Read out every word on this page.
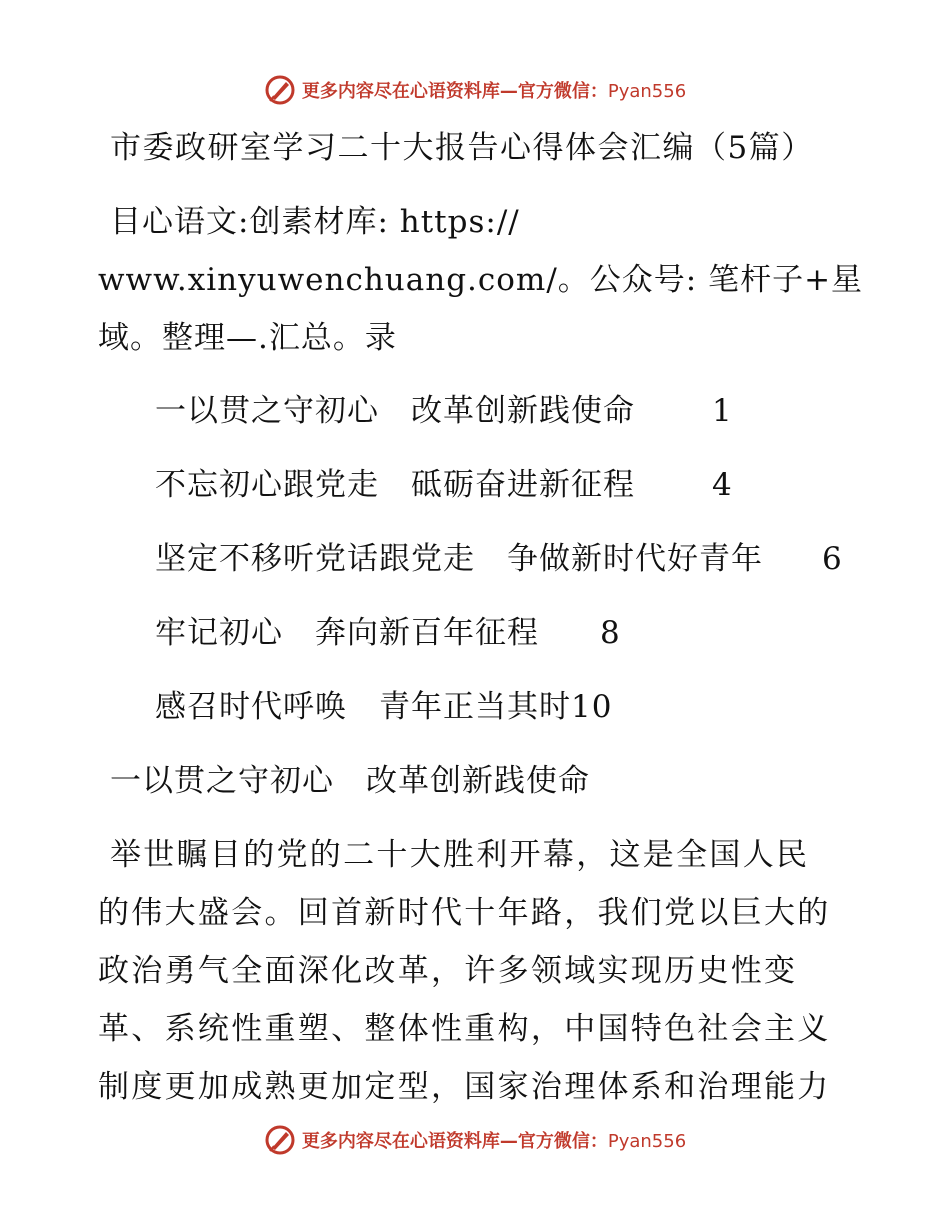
更多内容尽在心语资料库—官方微信：Pyan556
市委政研室学习二十大报告心得体会汇编（5篇）
目心语文:创素材库: https://
www.xinyuwenchuang.com/。公众号: 笔杆子+星
域。整理—.汇总。录
一以贯之守初心　改革创新践使命 1
不忘初心跟党走　砥砺奋进新征程 4
坚定不移听党话跟党走　争做新时代好青年 6
牢记初心　奔向新百年征程 8
感召时代呼唤　青年正当其时10
一以贯之守初心　改革创新践使命
举世瞩目的党的二十大胜利开幕，这是全国人民
的伟大盛会。回首新时代十年路，我们党以巨大的
政治勇气全面深化改革，许多领域实现历史性变
革、系统性重塑、整体性重构，中国特色社会主义
制度更加成熟更加定型，国家治理体系和治理能力
更多内容尽在心语资料库—官方微信：Pyan556
